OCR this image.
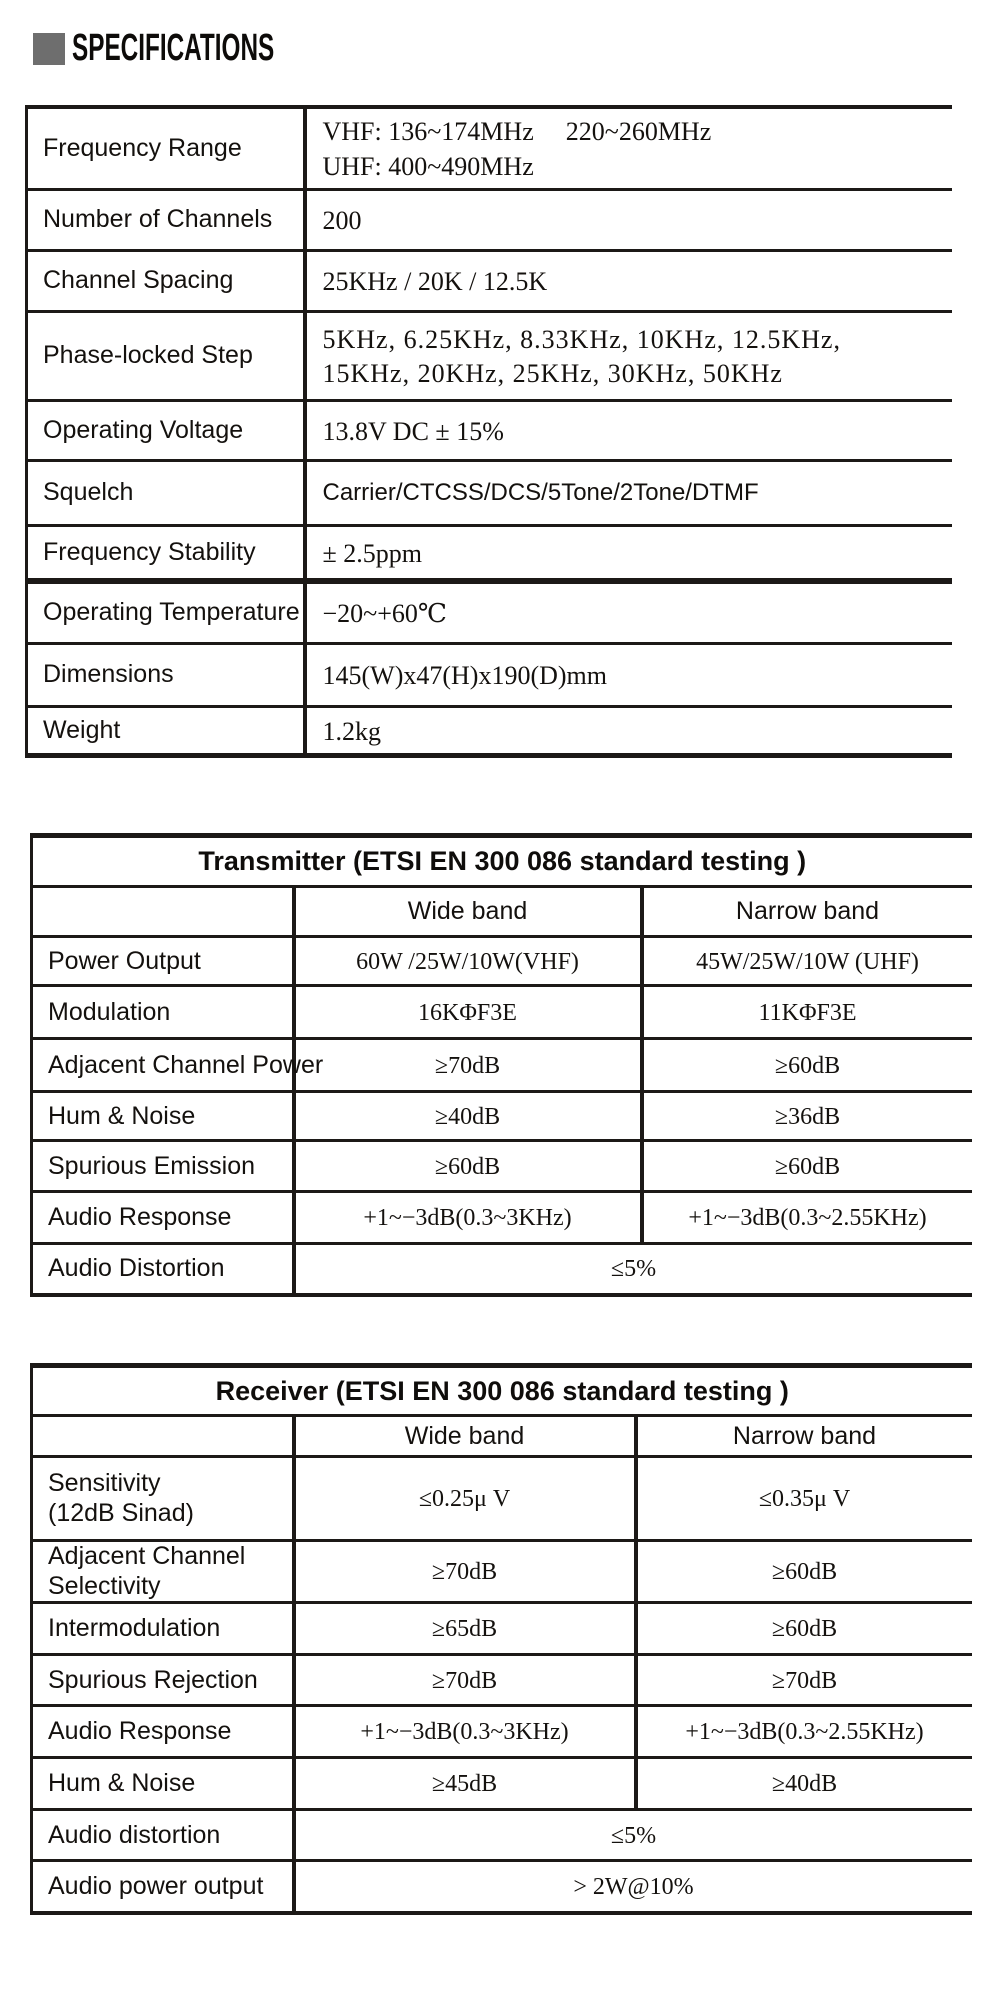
SPECIFICATIONS
Frequency Range	VHF: 136~174MHz 220~260MHz
UHF: 400~490MHz

Number of Channels	200
Channel Spacing	25KHz / 20K / 12.5K
Phase-locked Step	5KHz, 6.25KHz, 8.33KHz, 10KHz, 12.5KHz,
15KHz, 20KHz, 25KHz, 30KHz, 50KHz

Operating Voltage	13.8V DC ± 15%
Squelch	Carrier/CTCSS/DCS/5Tone/2Tone/DTMF
Frequency Stability	± 2.5ppm
Operating Temperature	−20~+60℃
Dimensions	145(W)x47(H)x190(D)mm
Weight	1.2kg
Transmitter (ETSI EN 300 086 standard testing )		
	Wide band	Narrow band
Power Output	60W /25W/10W(VHF)	45W/25W/10W (UHF)
Modulation	16KΦF3E	11KΦF3E
Adjacent Channel Power	≥70dB	≥60dB
Hum & Noise	≥40dB	≥36dB
Spurious Emission	≥60dB	≥60dB
Audio Response	+1~−3dB(0.3~3KHz)	+1~−3dB(0.3~2.55KHz)
Audio Distortion	≤5%	
Receiver (ETSI EN 300 086 standard testing )		
	Wide band	Narrow band

Sensitivity
(12dB Sinad)	≤0.25μ V	≤0.35μ V

Adjacent Channel
Selectivity	≥70dB	≥60dB
Intermodulation	≥65dB	≥60dB
Spurious Rejection	≥70dB	≥70dB
Audio Response	+1~−3dB(0.3~3KHz)	+1~−3dB(0.3~2.55KHz)
Hum & Noise	≥45dB	≥40dB
Audio distortion	≤5%	
Audio power output	> 2W@10%	
